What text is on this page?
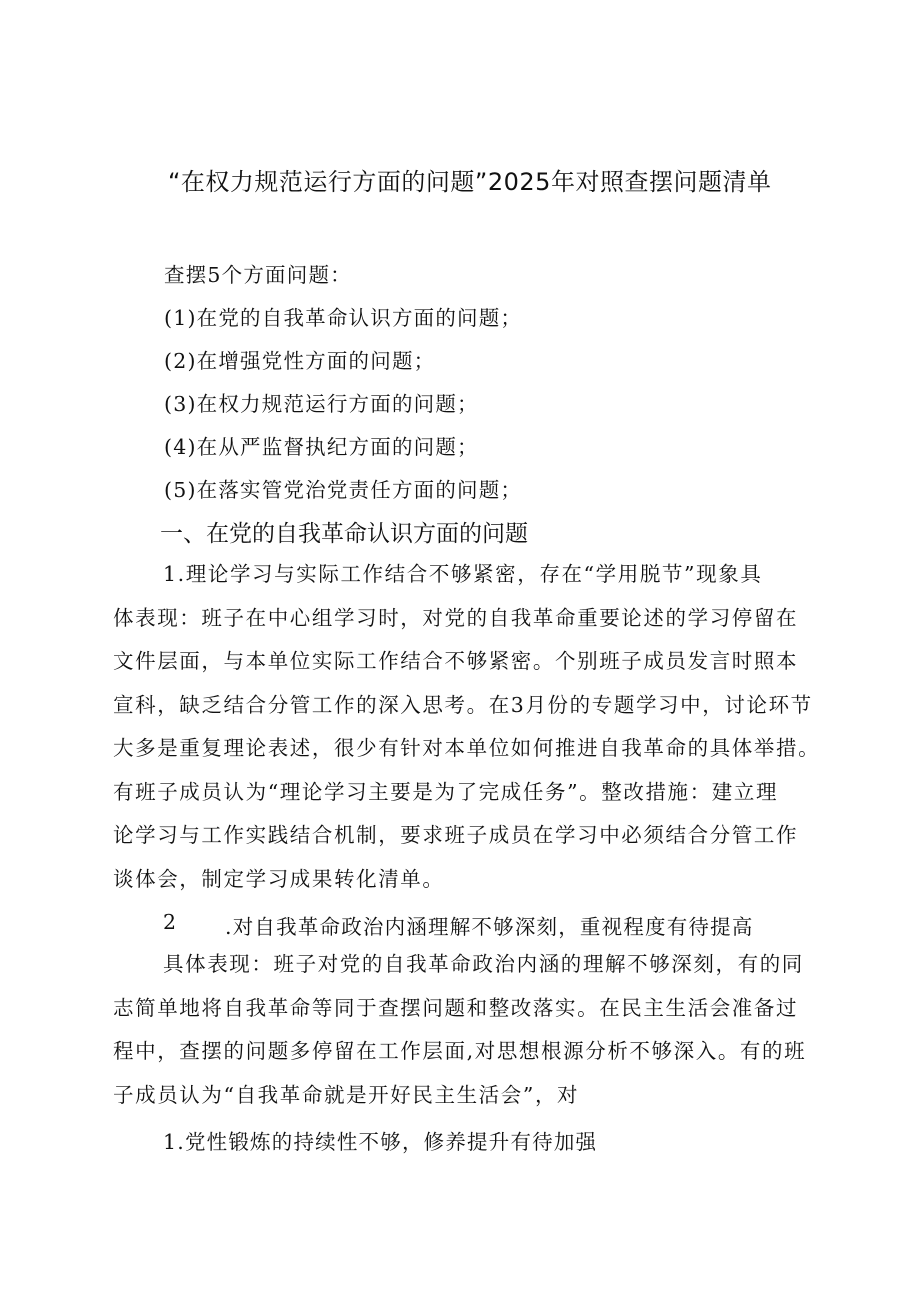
“在权力规范运行方面的问题”2025年对照查摆问题清单
查摆5个方面问题：
(1)在党的自我革命认识方面的问题；
(2)在增强党性方面的问题；
(3)在权力规范运行方面的问题；
(4)在从严监督执纪方面的问题；
(5)在落实管党治党责任方面的问题；
一、在党的自我革命认识方面的问题
1.理论学习与实际工作结合不够紧密，存在“学用脱节”现象具
体表现：班子在中心组学习时，对党的自我革命重要论述的学习停留在
文件层面，与本单位实际工作结合不够紧密。个别班子成员发言时照本
宣科，缺乏结合分管工作的深入思考。在3月份的专题学习中，讨论环节
大多是重复理论表述，很少有针对本单位如何推进自我革命的具体举措。
有班子成员认为“理论学习主要是为了完成任务”。整改措施：建立理
论学习与工作实践结合机制，要求班子成员在学习中必须结合分管工作
谈体会，制定学习成果转化清单。
2 .对自我革命政治内涵理解不够深刻，重视程度有待提高
具体表现：班子对党的自我革命政治内涵的理解不够深刻，有的同
志简单地将自我革命等同于查摆问题和整改落实。在民主生活会准备过
程中，查摆的问题多停留在工作层面,对思想根源分析不够深入。有的班
子成员认为“自我革命就是开好民主生活会”，对
1.党性锻炼的持续性不够，修养提升有待加强
